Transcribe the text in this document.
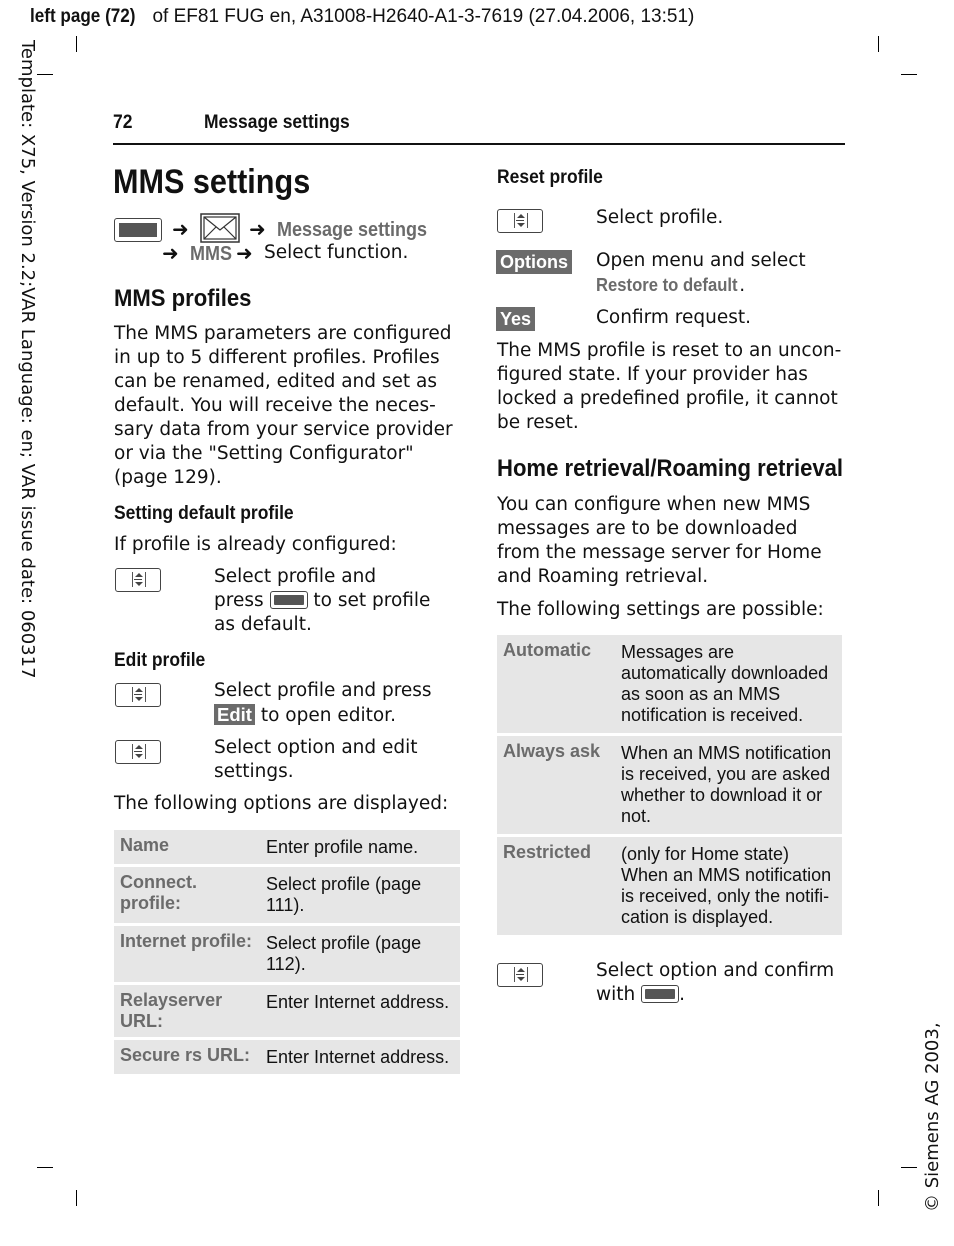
left page (72) of EF81 FUG en, A31008-H2640-A1-3-7619 (27.04.2006, 13:51)
Template: X75, Version 2.2;VAR Language: en; VAR issue date: 060317
© Siemens AG 2003,
72	Message settings
MMS settings
➜	➜ Message settings
➜ MMS ➜ Select function.
MMS profiles
The MMS parameters are configured in up to 5 different profiles. Profiles can be renamed, edited and set as default. You will receive the necessary data from your service provider or via the "Setting Configurator" (page 129).
Setting default profile
If profile is already configured:
Select profile and
press	to set profile
as default.
Edit profile
Select profile and press
Edit to open editor.
Select option and edit
settings.
The following options are displayed:
Name	Enter profile name.
Connect. profile:	Select profile (page 111).
Internet profile:	Select profile (page 112).
Relayserver URL:	Enter Internet address.
Secure rs URL:	Enter Internet address.
Reset profile
Select profile.
Options Open menu and select
Restore to default.
Yes	Confirm request.
The MMS profile is reset to an unconfigured state. If your provider has locked a predefined profile, it cannot be reset.
Home retrieval/Roaming retrieval
You can configure when new MMS messages are to be downloaded from the message server for Home and Roaming retrieval.
The following settings are possible:
Automatic	Messages are automatically downloaded as soon as an MMS notification is received.
Always ask	When an MMS notification is received, you are asked whether to download it or not.
Restricted	(only for Home state) When an MMS notification is received, only the notification is displayed.
Select option and confirm
with .
